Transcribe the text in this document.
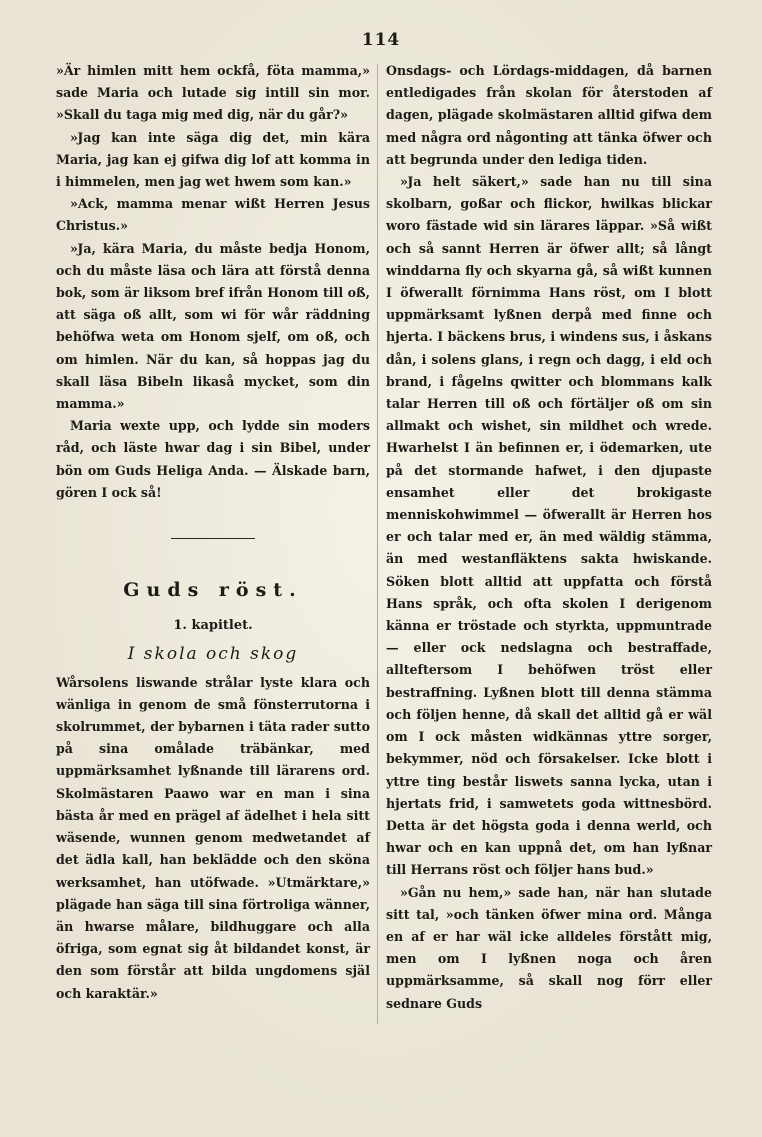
114

»Är himlen mitt hem ockfå, föta mamma,» sade Maria och lutade sig intill sin mor. »Skall du taga mig med dig, när du går?»

»Jag kan inte säga dig det, min kära Maria, jag kan ej gifwa dig lof att komma in i himmelen, men jag wet hwem som kan.»

»Ack, mamma menar wißt Herren Jesus Christus.»

»Ja, kära Maria, du måste bedja Honom, och du måste läsa och lära att förstå denna bok, som är liksom bref ifrån Honom till oß, att säga oß allt, som wi för wår räddning behöfwa weta om Honom sjelf, om oß, och om himlen. När du kan, så hoppas jag du skall läsa Bibeln likaså mycket, som din mamma.»

Maria wexte upp, och lydde sin moders råd, och läste hwar dag i sin Bibel, under bön om Guds Heliga Anda. — Älskade barn, gören I ock så!

Guds röst.
1. kapitlet.
I skola och skog

Wårsolens liswande strålar lyste klara och wänliga in genom de små fönsterrutorna i skolrummet, der bybarnen i täta rader sutto på sina omålade träbänkar, med uppmärksamhet lyßnande till lärarens ord. Skolmästaren Paawo war en man i sina bästa år med en prägel af ädelhet i hela sitt wäsende, wunnen genom medwetandet af det ädla kall, han beklädde och den sköna werksamhet, han utöfwade. »Utmärktare,» plägade han säga till sina förtroliga wänner, än hwarse målare, bildhuggare och alla öfriga, som egnat sig åt bildandet konst, är den som förstår att bilda ungdomens själ och karaktär.»

Onsdags- och Lördags-middagen, då barnen entledigades från skolan för återstoden af dagen, plägade skolmästaren alltid gifwa dem med några ord någonting att tänka öfwer och att begrunda under den lediga tiden.

»Ja helt säkert,» sade han nu till sina skolbarn, goßar och flickor, hwilkas blickar woro fästade wid sin lärares läppar. »Så wißt och så sannt Herren är öfwer allt; så långt winddarna fly och skyarna gå, så wißt kunnen I öfwerallt förnimma Hans röst, om I blott uppmärksamt lyßnen derpå med finne och hjerta. I bäckens brus, i windens sus, i åskans dån, i solens glans, i regn och dagg, i eld och brand, i fågelns qwitter och blommans kalk talar Herren till oß och förtäljer oß om sin allmakt och wishet, sin mildhet och wrede. Hwarhelst I än befinnen er, i ödemarken, ute på det stormande hafwet, i den djupaste ensamhet eller det brokigaste menniskohwimmel — öfwerallt är Herren hos er och talar med er, än med wäldig stämma, än med westanfläktens sakta hwiskande. Söken blott alltid att uppfatta och förstå Hans språk, och ofta skolen I derigenom känna er tröstade och styrkta, uppmuntrade — eller ock nedslagna och bestraffade, allteftersom I behöfwen tröst eller bestraffning. Lyßnen blott till denna stämma och följen henne, då skall det alltid gå er wäl om I ock måsten widkännas yttre sorger, bekymmer, nöd och försakelser. Icke blott i yttre ting består liswets sanna lycka, utan i hjertats frid, i samwetets goda wittnesbörd. Detta är det högsta goda i denna werld, och hwar och en kan uppnå det, om han lyßnar till Herrans röst och följer hans bud.»

»Gån nu hem,» sade han, när han slutade sitt tal, »och tänken öfwer mina ord. Många en af er har wäl icke alldeles förstått mig, men om I lyßnen noga och åren uppmärksamme, så skall nog förr eller sednare Guds
